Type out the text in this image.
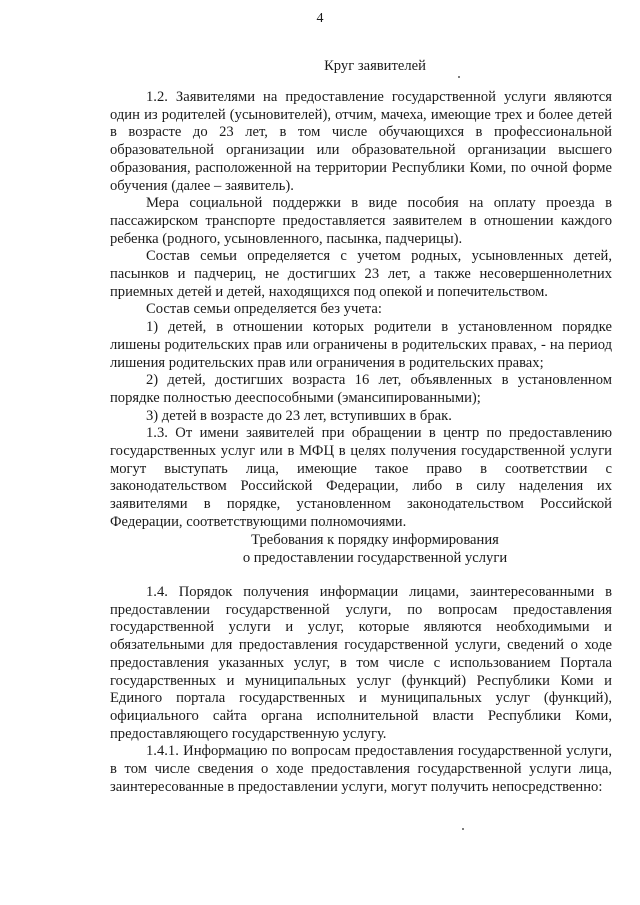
4
Круг заявителей

1.2. Заявителями на предоставление государственной услуги являются один из родителей (усыновителей), отчим, мачеха, имеющие трех и более детей в возрасте до 23 лет, в том числе обучающихся в профессиональной образовательной организации или образовательной организации высшего образования, расположенной на территории Республики Коми, по очной форме обучения (далее – заявитель).

Мера социальной поддержки в виде пособия на оплату проезда в пассажирском транспорте предоставляется заявителем в отношении каждого ребенка (родного, усыновленного, пасынка, падчерицы).

Состав семьи определяется с учетом родных, усыновленных детей, пасынков и падчериц, не достигших 23 лет, а также несовершеннолетних приемных детей и детей, находящихся под опекой и попечительством.

Состав семьи определяется без учета:

1) детей, в отношении которых родители в установленном порядке лишены родительских прав или ограничены в родительских правах, - на период лишения родительских прав или ограничения в родительских правах;

2) детей, достигших возраста 16 лет, объявленных в установленном порядке полностью дееспособными (эмансипированными);

3) детей в возрасте до 23 лет, вступивших в брак.

1.3. От имени заявителей при обращении в центр по предоставлению государственных услуг или в МФЦ в целях получения государственной услуги могут выступать лица, имеющие такое право в соответствии с законодательством Российской Федерации, либо в силу наделения их заявителями в порядке, установленном законодательством Российской Федерации, соответствующими полномочиями.

Требования к порядку информирования
о предоставлении государственной услуги

1.4. Порядок получения информации лицами, заинтересованными в предоставлении государственной услуги, по вопросам предоставления государственной услуги и услуг, которые являются необходимыми и обязательными для предоставления государственной услуги, сведений о ходе предоставления указанных услуг, в том числе с использованием Портала государственных и муниципальных услуг (функций) Республики Коми и Единого портала государственных и муниципальных услуг (функций), официального сайта органа исполнительной власти Республики Коми, предоставляющего государственную услугу.

1.4.1. Информацию по вопросам предоставления государственной услуги, в том числе сведения о ходе предоставления государственной услуги лица, заинтересованные в предоставлении услуги, могут получить непосредственно:
